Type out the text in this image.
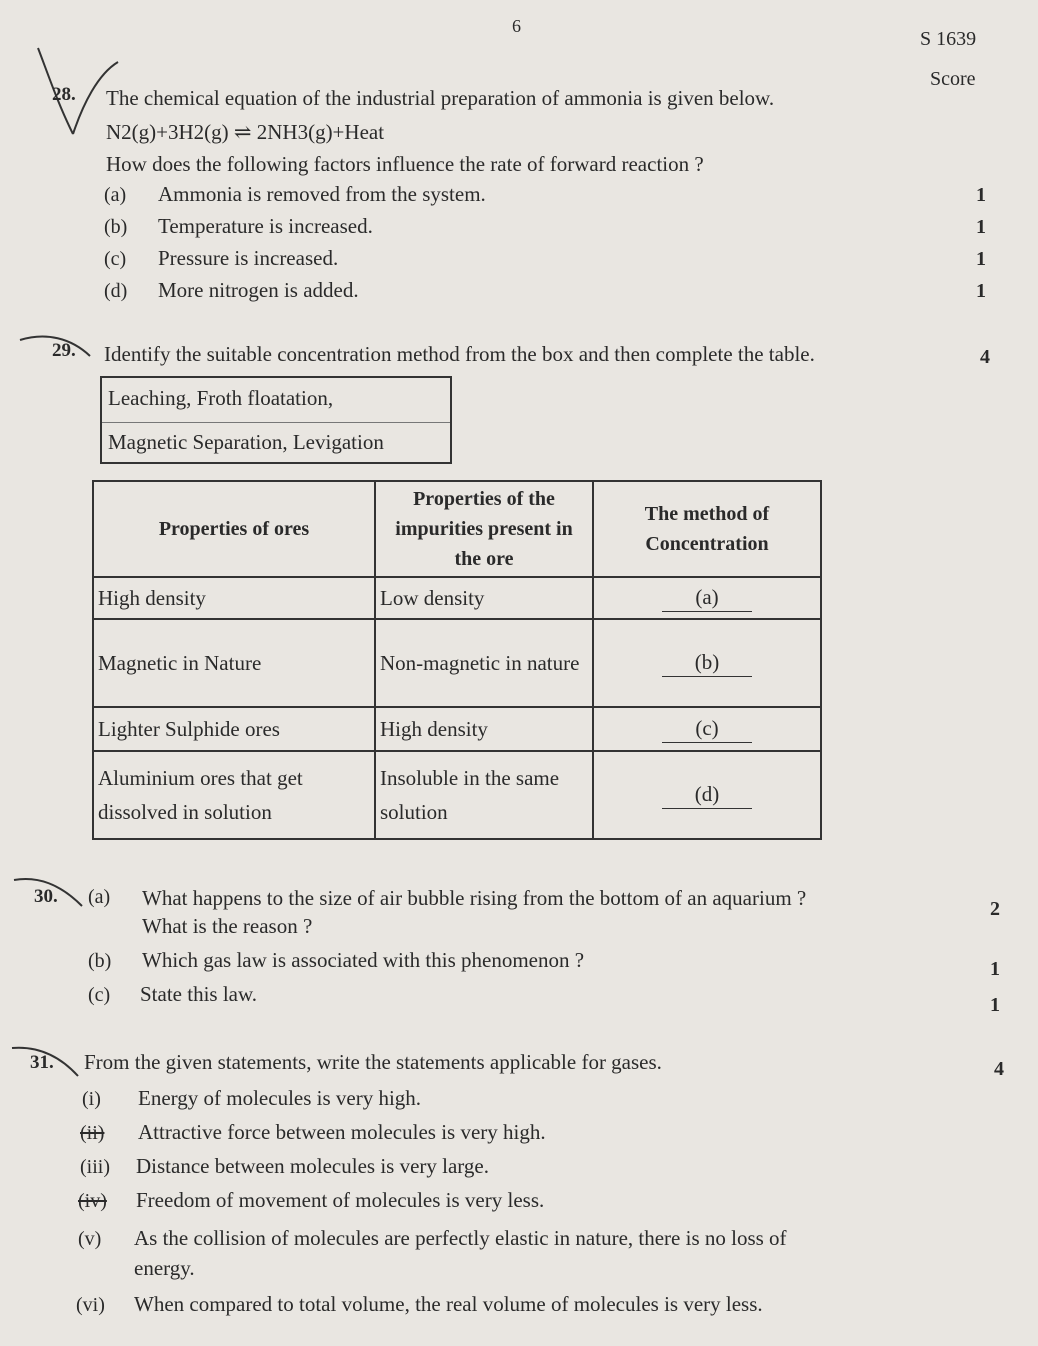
6
S 1639
Score
28. The chemical equation of the industrial preparation of ammonia is given below.
N2(g)+3H2(g) ⇌ 2NH3(g)+Heat
How does the following factors influence the rate of forward reaction ?
(a) Ammonia is removed from the system.	1
(b) Temperature is increased.	1
(c) Pressure is increased.	1
(d) More nitrogen is added.	1
29. Identify the suitable concentration method from the box and then complete the table.	4
Leaching, Froth floatation,
Magnetic Separation, Levigation
Properties of ores	Properties of the impurities present in the ore	The method of Concentration
High density	Low density	(a)
Magnetic in Nature	Non-magnetic in nature	(b)
Lighter Sulphide ores	High density	(c)
Aluminium ores that get dissolved in solution	Insoluble in the same solution	(d)
30. (a) What happens to the size of air bubble rising from the bottom of an aquarium ?
What is the reason ?
2
(b) Which gas law is associated with this phenomenon ?	1
(c) State this law.	1
31. From the given statements, write the statements applicable for gases.	4
(i) Energy of molecules is very high.
(ii) Attractive force between molecules is very high.
(iii) Distance between molecules is very large.
(iv) Freedom of movement of molecules is very less.
(v) As the collision of molecules are perfectly elastic in nature, there is no loss of
energy.
(vi) When compared to total volume, the real volume of molecules is very less.
